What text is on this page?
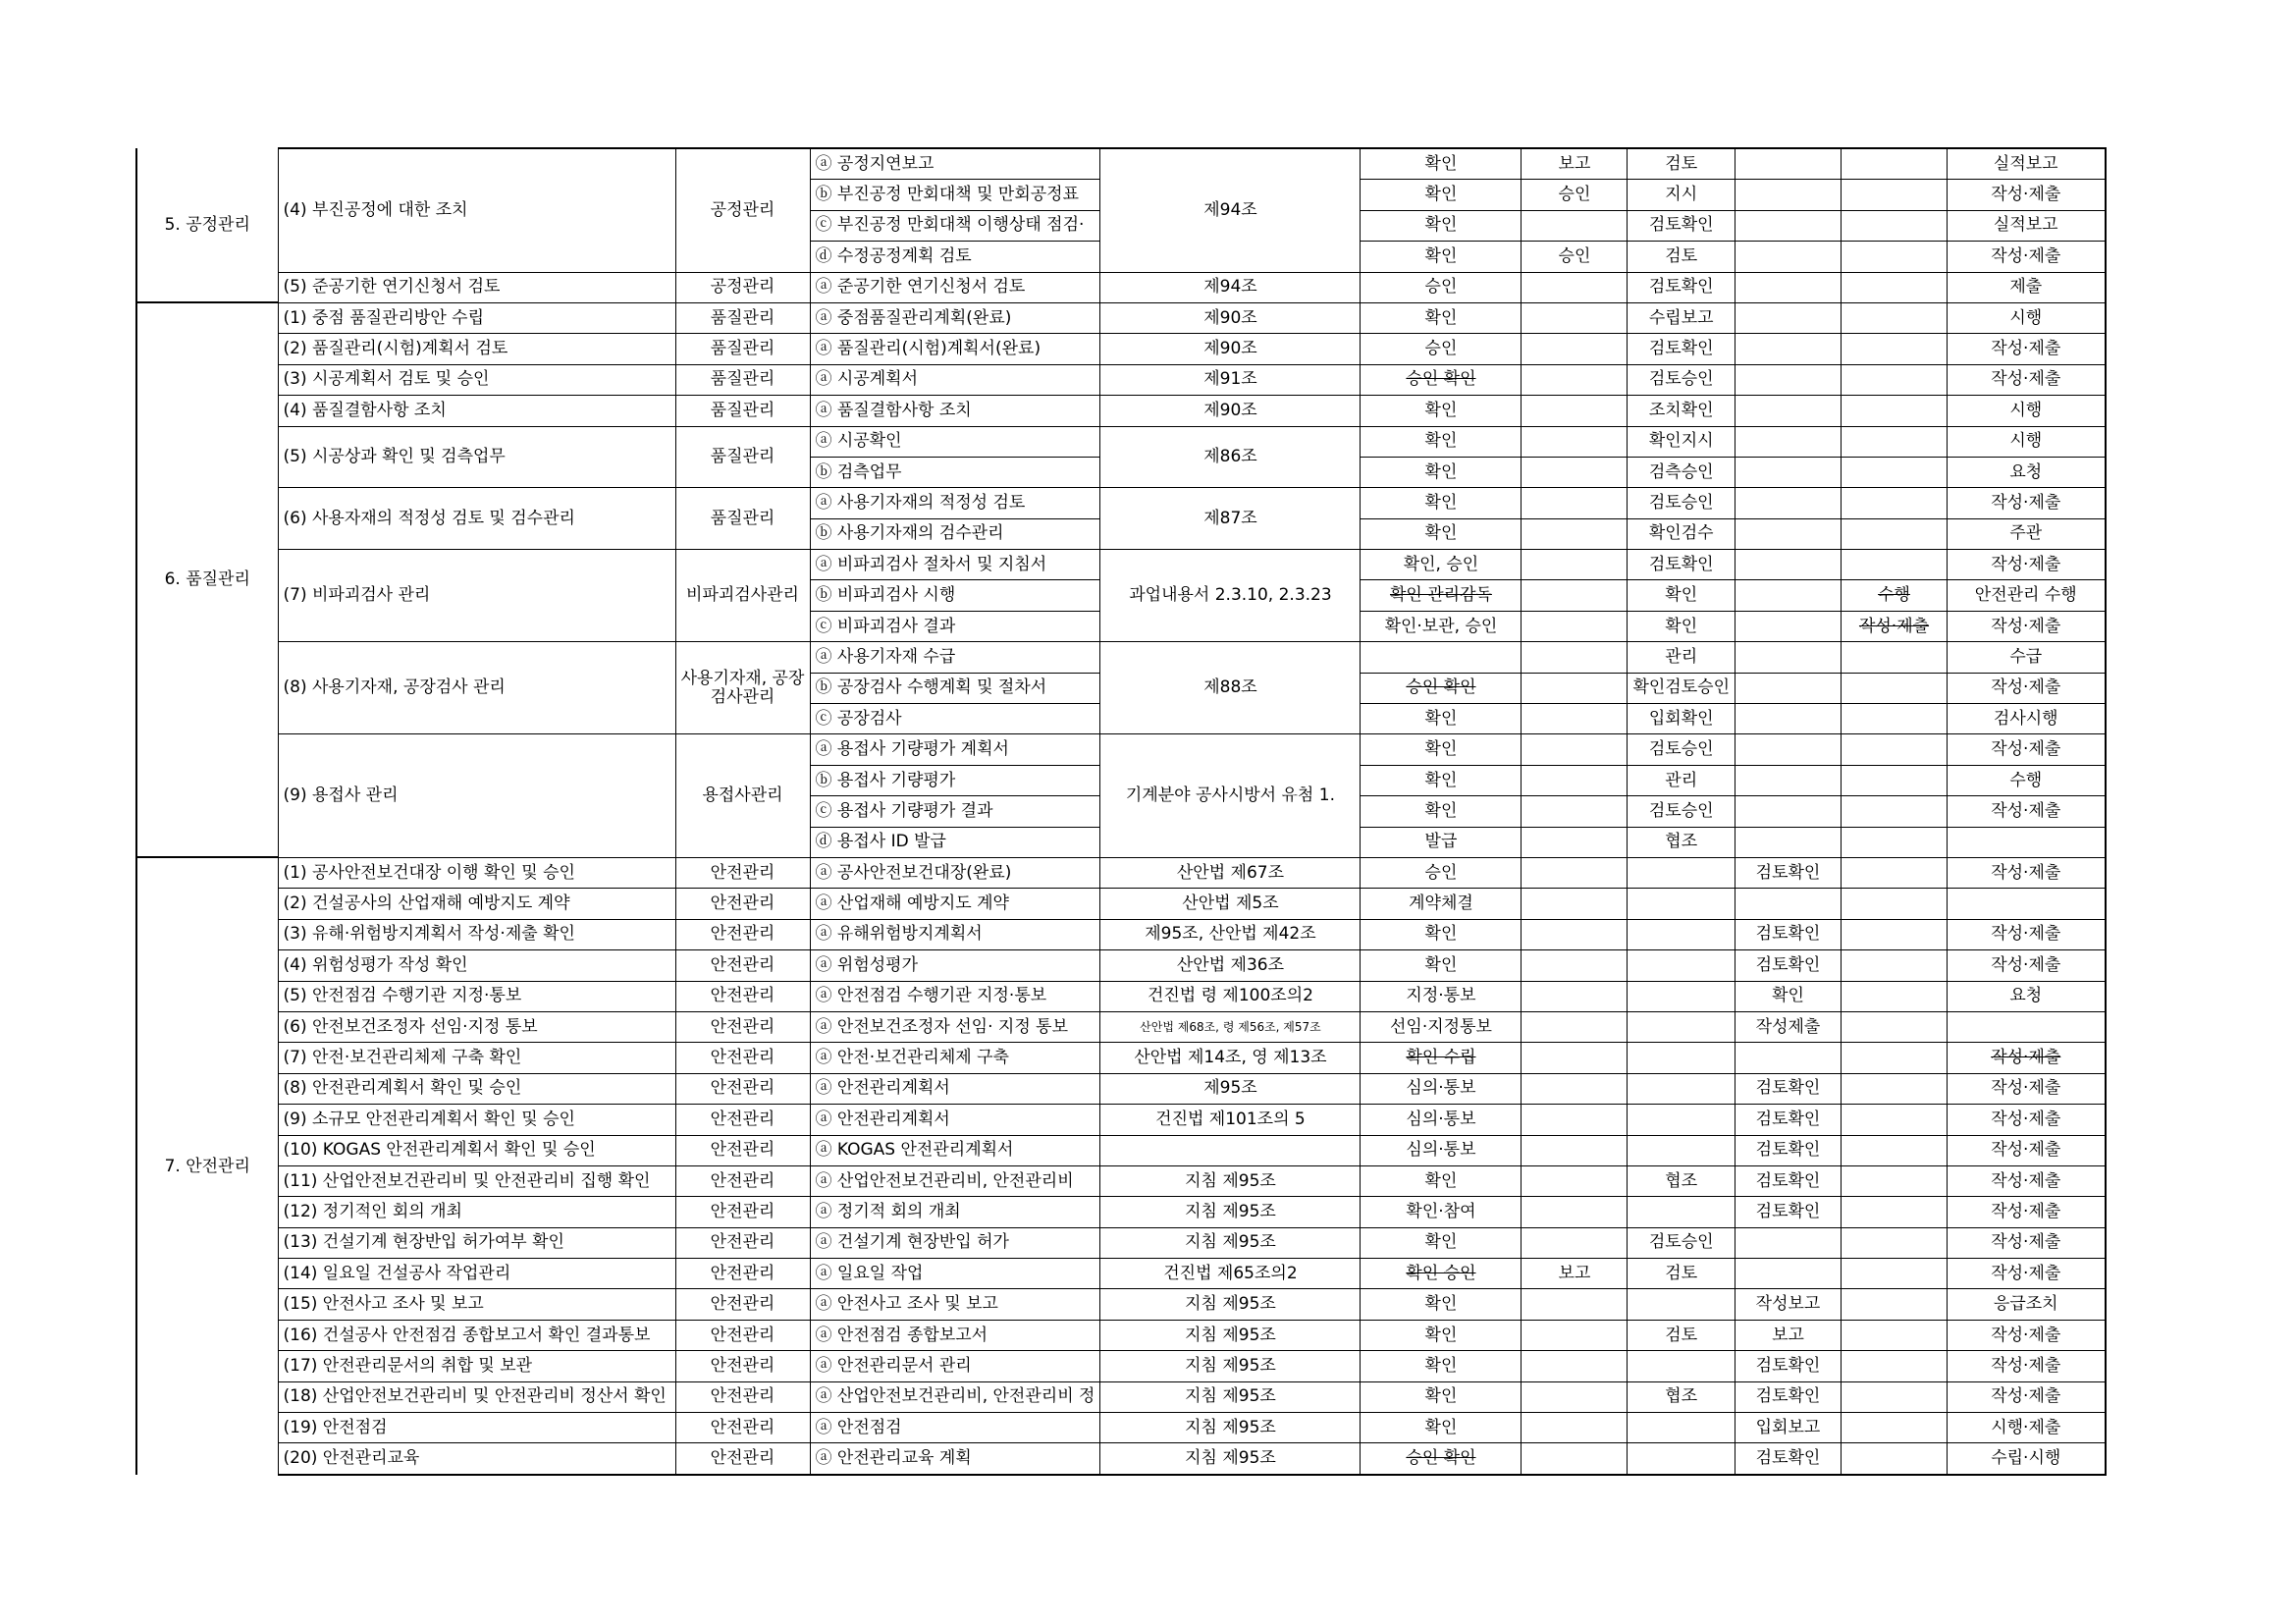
5. 공정관리	(4) 부진공정에 대한 조치	공정관리	ⓐ 공정지연보고	제94조	확인	보고	검토			실적보고
			ⓑ 부진공정 만회대책 및 만회공정표		확인	승인	지시			작성·제출
			ⓒ 부진공정 만회대책 이행상태 점검·		확인		검토확인			실적보고
			ⓓ 수정공정계획 검토		확인	승인	검토			작성·제출
	(5) 준공기한 연기신청서 검토	공정관리	ⓐ 준공기한 연기신청서 검토	제94조	승인		검토확인			제출
6. 품질관리	(1) 중점 품질관리방안 수립	품질관리	ⓐ 중점품질관리계획(완료)	제90조	확인		수립보고			시행
	(2) 품질관리(시험)계획서 검토	품질관리	ⓐ 품질관리(시험)계획서(완료)	제90조	승인		검토확인			작성·제출
	(3) 시공계획서 검토 및 승인	품질관리	ⓐ 시공계획서	제91조	승인 확인		검토승인			작성·제출
	(4) 품질결함사항 조치	품질관리	ⓐ 품질결함사항 조치	제90조	확인		조치확인			시행
	(5) 시공상과 확인 및 검측업무	품질관리	ⓐ 시공확인	제86조	확인		확인지시			시행
			ⓑ 검측업무		확인		검측승인			요청
	(6) 사용자재의 적정성 검토 및 검수관리	품질관리	ⓐ 사용기자재의 적정성 검토	제87조	확인		검토승인			작성·제출
			ⓑ 사용기자재의 검수관리		확인		확인검수			주관
	(7) 비파괴검사 관리	비파괴검사관리	ⓐ 비파괴검사 절차서 및 지침서	과업내용서 2.3.10, 2.3.23	확인, 승인		검토확인			작성·제출
			ⓑ 비파괴검사 시행		확인 관리감독		확인		수행	안전관리 수행
			ⓒ 비파괴검사 결과		확인·보관, 승인		확인		작성·제출	작성·제출
	(8) 사용기자재, 공장검사 관리	사용기자재, 공장검사관리	ⓐ 사용기자재 수급	제88조			관리			수급
			ⓑ 공장검사 수행계획 및 절차서		승인 확인		확인검토승인			작성·제출
			ⓒ 공장검사		확인		입회확인			검사시행
	(9) 용접사 관리	용접사관리	ⓐ 용접사 기량평가 계획서	기계분야 공사시방서 유첨 1.	확인		검토승인			작성·제출
			ⓑ 용접사 기량평가		확인		관리			수행
			ⓒ 용접사 기량평가 결과		확인		검토승인			작성·제출
			ⓓ 용접사 ID 발급		발급		협조			
7. 안전관리	(1) 공사안전보건대장 이행 확인 및 승인	안전관리	ⓐ 공사안전보건대장(완료)	산안법 제67조	승인			검토확인		작성·제출
	(2) 건설공사의 산업재해 예방지도 계약	안전관리	ⓐ 산업재해 예방지도 계약	산안법 제5조	계약체결					
	(3) 유해·위험방지계획서 작성·제출 확인	안전관리	ⓐ 유해위험방지계획서	제95조, 산안법 제42조	확인			검토확인		작성·제출
	(4) 위험성평가 작성 확인	안전관리	ⓐ 위험성평가	산안법 제36조	확인			검토확인		작성·제출
	(5) 안전점검 수행기관 지정·통보	안전관리	ⓐ 안전점검 수행기관 지정·통보	건진법 령 제100조의2	지정·통보			확인		요청
	(6) 안전보건조정자 선임·지정 통보	안전관리	ⓐ 안전보건조정자 선임· 지정 통보	산안법 제68조, 령 제56조, 제57조	선임·지정통보			작성제출		
	(7) 안전·보건관리체제 구축 확인	안전관리	ⓐ 안전·보건관리체제 구축	산안법 제14조, 영 제13조	확인 수립					작성·제출
	(8) 안전관리계획서 확인 및 승인	안전관리	ⓐ 안전관리계획서	제95조	심의·통보			검토확인		작성·제출
	(9) 소규모 안전관리계획서 확인 및 승인	안전관리	ⓐ 안전관리계획서	건진법 제101조의 5	심의·통보			검토확인		작성·제출
	(10) KOGAS 안전관리계획서 확인 및 승인	안전관리	ⓐ KOGAS 안전관리계획서		심의·통보			검토확인		작성·제출
	(11) 산업안전보건관리비 및 안전관리비 집행 확인	안전관리	ⓐ 산업안전보건관리비, 안전관리비	지침 제95조	확인		협조	검토확인		작성·제출
	(12) 정기적인 회의 개최	안전관리	ⓐ 정기적 회의 개최	지침 제95조	확인·참여			검토확인		작성·제출
	(13) 건설기계 현장반입 허가여부 확인	안전관리	ⓐ 건설기계 현장반입 허가	지침 제95조	확인		검토승인			작성·제출
	(14) 일요일 건설공사 작업관리	안전관리	ⓐ 일요일 작업	건진법 제65조의2	확인 승인	보고	검토			작성·제출
	(15) 안전사고 조사 및 보고	안전관리	ⓐ 안전사고 조사 및 보고	지침 제95조	확인			작성보고		응급조치
	(16) 건설공사 안전점검 종합보고서 확인 결과통보	안전관리	ⓐ 안전점검 종합보고서	지침 제95조	확인		검토	보고		작성·제출
	(17) 안전관리문서의 취합 및 보관	안전관리	ⓐ 안전관리문서 관리	지침 제95조	확인			검토확인		작성·제출
	(18) 산업안전보건관리비 및 안전관리비 정산서 확인	안전관리	ⓐ 산업안전보건관리비, 안전관리비 정	지침 제95조	확인		협조	검토확인		작성·제출
	(19) 안전점검	안전관리	ⓐ 안전점검	지침 제95조	확인			입회보고		시행·제출
	(20) 안전관리교육	안전관리	ⓐ 안전관리교육 계획	지침 제95조	승인 확인			검토확인		수립·시행
